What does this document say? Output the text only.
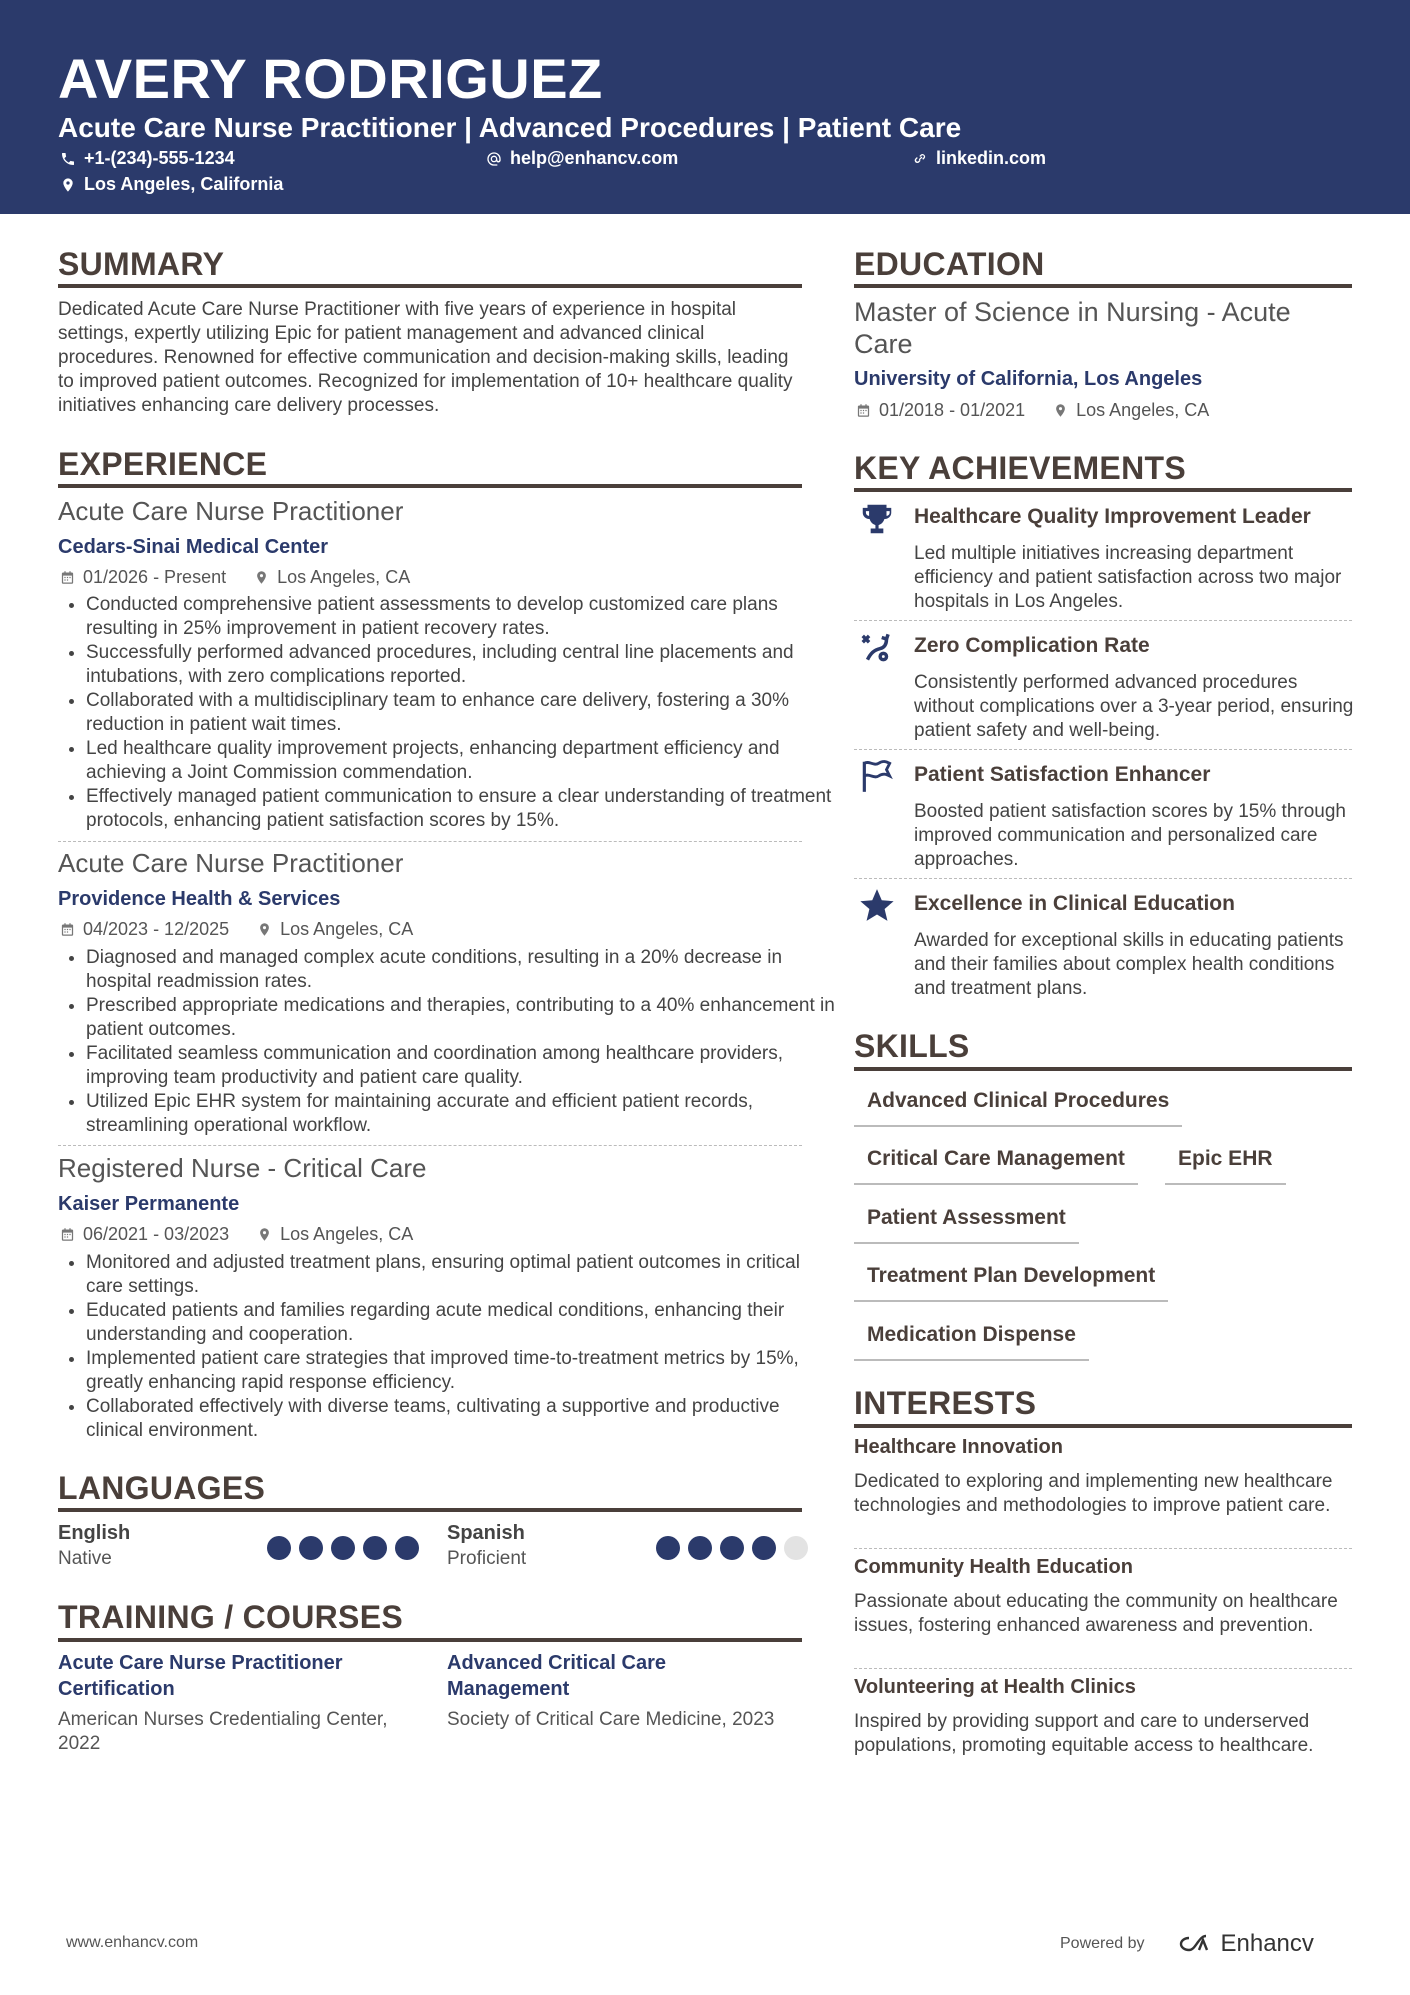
AVERY RODRIGUEZ
Acute Care Nurse Practitioner | Advanced Procedures | Patient Care
+1-(234)-555-1234	help@enhancv.com	linkedin.com
Los Angeles, California
SUMMARY
Dedicated Acute Care Nurse Practitioner with five years of experience in hospital settings, expertly utilizing Epic for patient management and advanced clinical procedures. Renowned for effective communication and decision-making skills, leading to improved patient outcomes. Recognized for implementation of 10+ healthcare quality initiatives enhancing care delivery processes.
EXPERIENCE
Acute Care Nurse Practitioner
Cedars-Sinai Medical Center
01/2026 - Present	Los Angeles, CA
• Conducted comprehensive patient assessments to develop customized care plans resulting in 25% improvement in patient recovery rates.
• Successfully performed advanced procedures, including central line placements and intubations, with zero complications reported.
• Collaborated with a multidisciplinary team to enhance care delivery, fostering a 30% reduction in patient wait times.
• Led healthcare quality improvement projects, enhancing department efficiency and achieving a Joint Commission commendation.
• Effectively managed patient communication to ensure a clear understanding of treatment protocols, enhancing patient satisfaction scores by 15%.
Acute Care Nurse Practitioner
Providence Health & Services
04/2023 - 12/2025	Los Angeles, CA
• Diagnosed and managed complex acute conditions, resulting in a 20% decrease in hospital readmission rates.
• Prescribed appropriate medications and therapies, contributing to a 40% enhancement in patient outcomes.
• Facilitated seamless communication and coordination among healthcare providers, improving team productivity and patient care quality.
• Utilized Epic EHR system for maintaining accurate and efficient patient records, streamlining operational workflow.
Registered Nurse - Critical Care
Kaiser Permanente
06/2021 - 03/2023	Los Angeles, CA
• Monitored and adjusted treatment plans, ensuring optimal patient outcomes in critical care settings.
• Educated patients and families regarding acute medical conditions, enhancing their understanding and cooperation.
• Implemented patient care strategies that improved time-to-treatment metrics by 15%, greatly enhancing rapid response efficiency.
• Collaborated effectively with diverse teams, cultivating a supportive and productive clinical environment.
LANGUAGES
English
Native
Spanish
Proficient
TRAINING / COURSES
Acute Care Nurse Practitioner Certification
American Nurses Credentialing Center, 2022
Advanced Critical Care Management
Society of Critical Care Medicine, 2023
EDUCATION
Master of Science in Nursing - Acute Care
University of California, Los Angeles
01/2018 - 01/2021	Los Angeles, CA
KEY ACHIEVEMENTS
Healthcare Quality Improvement Leader
Led multiple initiatives increasing department efficiency and patient satisfaction across two major hospitals in Los Angeles.
Zero Complication Rate
Consistently performed advanced procedures without complications over a 3-year period, ensuring patient safety and well-being.
Patient Satisfaction Enhancer
Boosted patient satisfaction scores by 15% through improved communication and personalized care approaches.
Excellence in Clinical Education
Awarded for exceptional skills in educating patients and their families about complex health conditions and treatment plans.
SKILLS
Advanced Clinical Procedures
Critical Care Management	Epic EHR
Patient Assessment
Treatment Plan Development
Medication Dispense
INTERESTS
Healthcare Innovation
Dedicated to exploring and implementing new healthcare technologies and methodologies to improve patient care.
Community Health Education
Passionate about educating the community on healthcare issues, fostering enhanced awareness and prevention.
Volunteering at Health Clinics
Inspired by providing support and care to underserved populations, promoting equitable access to healthcare.
www.enhancv.com	Powered by	Enhancv
